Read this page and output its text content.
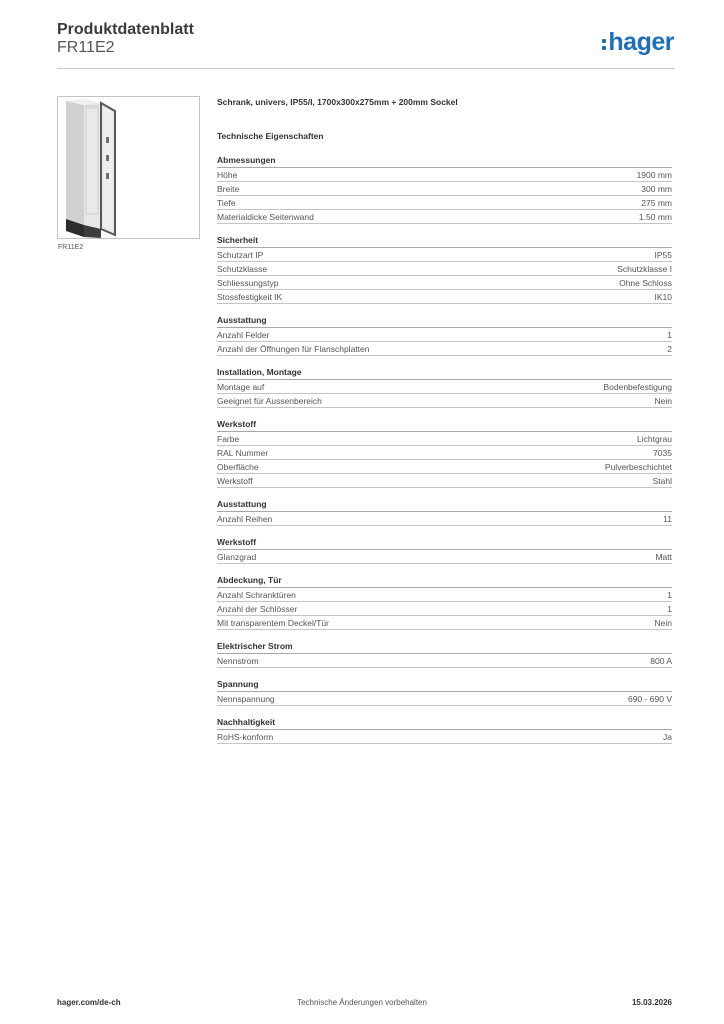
Produktdatenblatt
FR11E2	hager
FR11E2
Schrank, univers, IP55/I, 1700x300x275mm + 200mm Sockel
Technische Eigenschaften
Abmessungen
Höhe	1900 mm
Breite	300 mm
Tiefe	275 mm
Materialdicke Seitenwand	1.50 mm
Sicherheit
Schutzart IP	IP55
Schutzklasse	Schutzklasse I
Schliessungstyp	Ohne Schloss
Stossfestigkeit IK	IK10
Ausstattung
Anzahl Felder	1
Anzahl der Öffnungen für Flanschplatten	2
Installation, Montage
Montage auf	Bodenbefestigung
Geeignet für Aussenbereich	Nein
Werkstoff
Farbe	Lichtgrau
RAL Nummer	7035
Oberfläche	Pulverbeschichtet
Werkstoff	Stahl
Ausstattung
Anzahl Reihen	11
Werkstoff
Glanzgrad	Matt
Abdeckung, Tür
Anzahl Schranktüren	1
Anzahl der Schlösser	1
Mit transparentem Deckel/Tür	Nein
Elektrischer Strom
Nennstrom	800 A
Spannung
Nennspannung	690 - 690 V
Nachhaltigkeit
RoHS-konform	Ja
hager.com/de-ch	Technische Änderungen vorbehalten	15.03.2026
